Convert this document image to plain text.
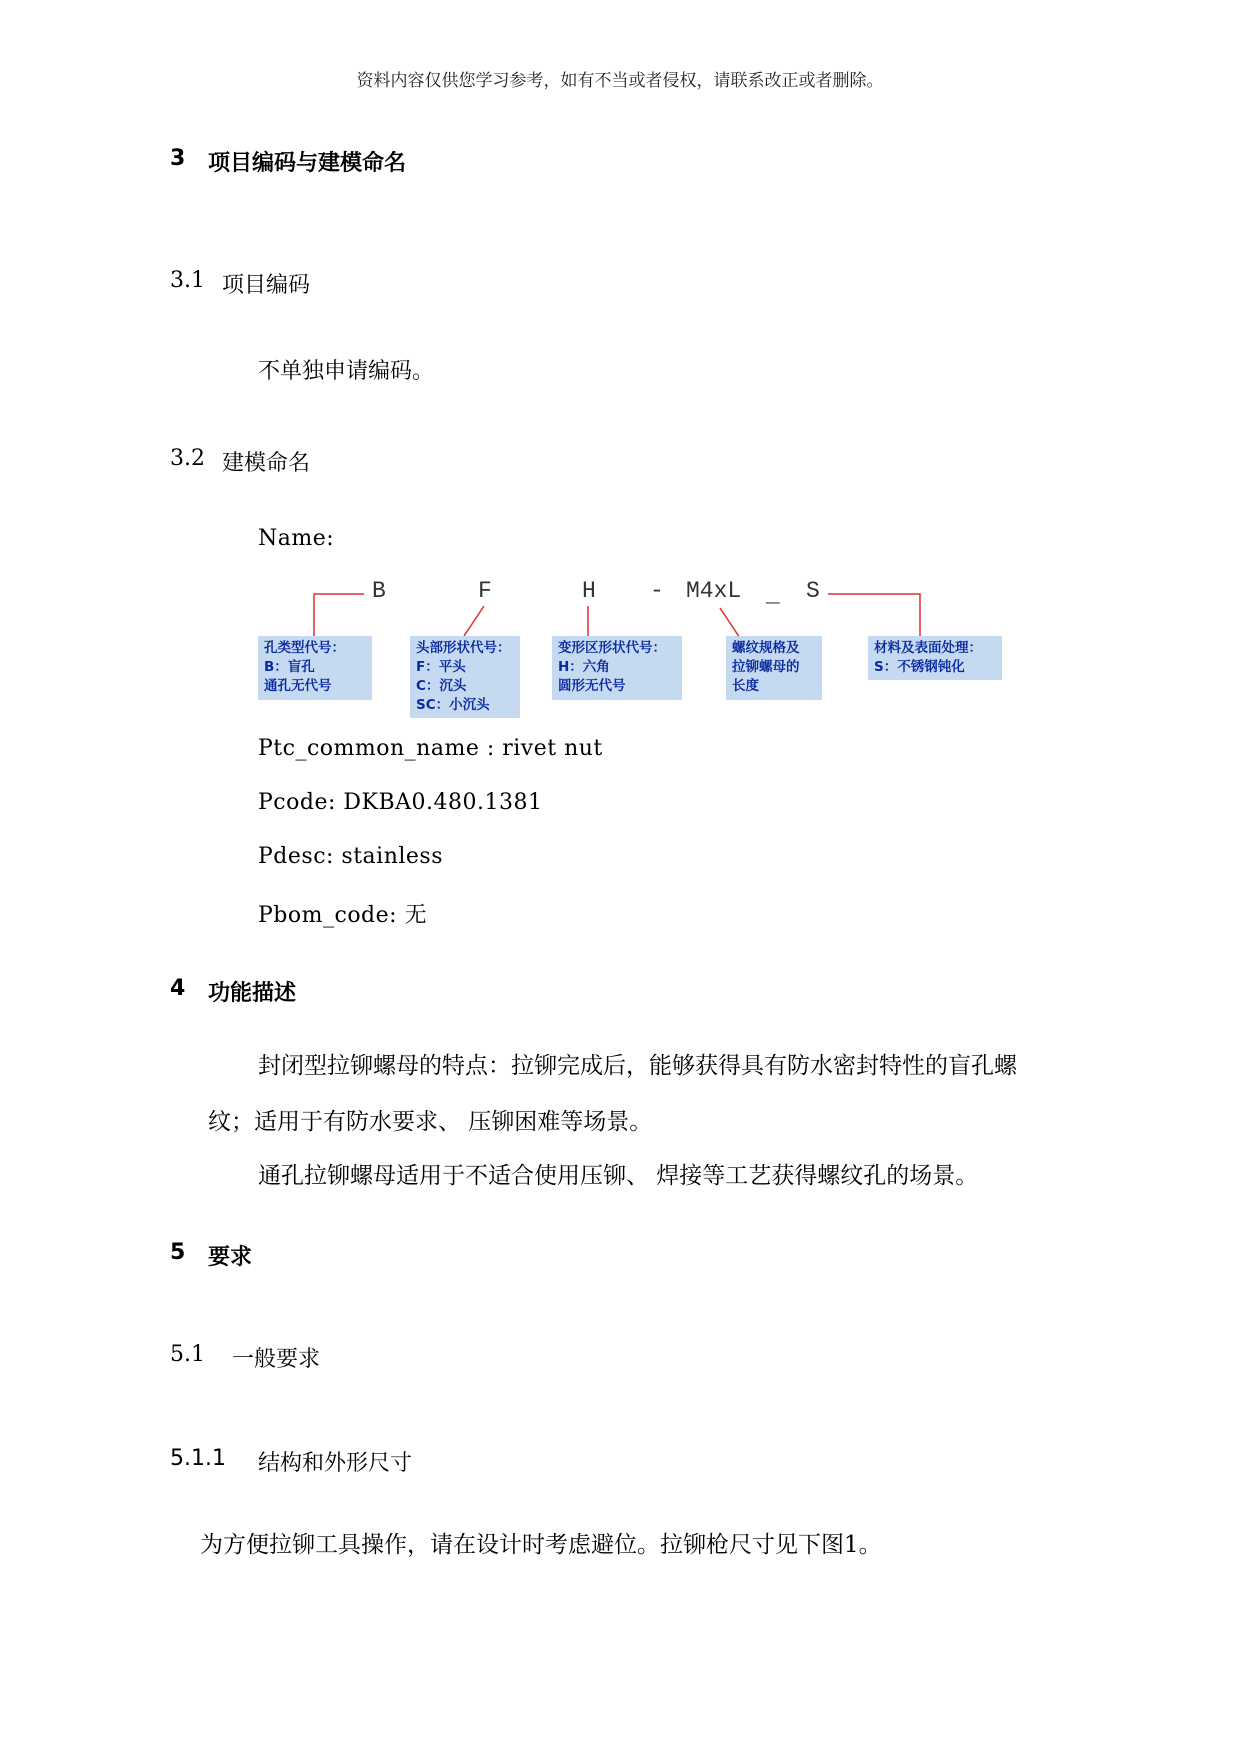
资料内容仅供您学习参考，如有不当或者侵权，请联系改正或者删除。
3 项目编码与建模命名
3.1 项目编码
不单独申请编码。
3.2 建模命名
Name:
B	F	H - M4xL _ S
孔类型代号：
B：盲孔
通孔无代号
头部形状代号：
F：平头
C：沉头
SC：小沉头
变形区形状代号：
H：六角
圆形无代号
螺纹规格及
拉铆螺母的
长度
材料及表面处理：
S：不锈钢钝化
Ptc_common_name : rivet nut
Pcode: DKBA0.480.1381
Pdesc: stainless
Pbom_code: 无
4 功能描述
封闭型拉铆螺母的特点：拉铆完成后，能够获得具有防水密封特性的盲孔螺
纹；适用于有防水要求、 压铆困难等场景。
通孔拉铆螺母适用于不适合使用压铆、 焊接等工艺获得螺纹孔的场景。
5 要求
5.1 一般要求
5.1.1 结构和外形尺寸
为方便拉铆工具操作，请在设计时考虑避位。拉铆枪尺寸见下图1。
